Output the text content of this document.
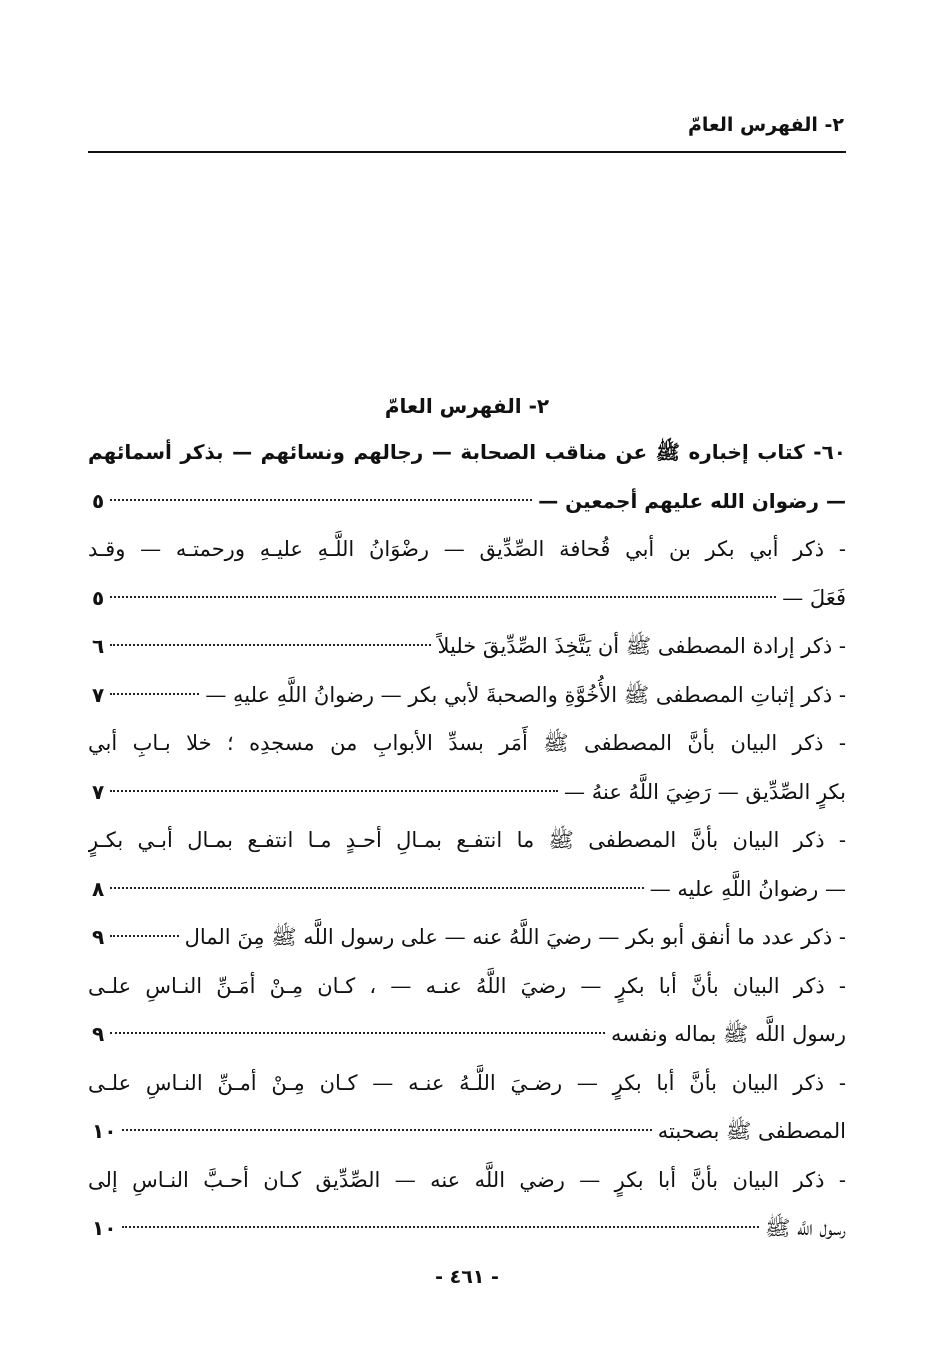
٢- الفهرس العامّ
٢- الفهرس العامّ
٦٠- كتاب إخباره ﷺ عن مناقب الصحابة — رجالهم ونسائهم — بذكر أسمائهم
— رضوان الله عليهم أجمعين —
٥
- ذكر أبي بكر بن أبي قُحافة الصِّدِّيق — رضْوَانُ اللَّـهِ عليـهِ ورحمتـه — وقـد
فَعَلَ —
٥
- ذكر إرادة المصطفى ﷺ أن يَتَّخِذَ الصِّدِّيقَ خليلاً
٦
- ذكر إثباتِ المصطفى ﷺ الأُخُوَّةِ والصحبةَ لأبي بكر — رضوانُ اللَّهِ عليهِ —
٧
- ذكر البيان بأنَّ المصطفى ﷺ أَمَر بسدِّ الأبوابِ من مسجدِه ؛ خلا بـابِ أبي
بكرٍ الصِّدِّيق — رَضِيَ اللَّهُ عنهُ —
٧
- ذكر البيان بأنَّ المصطفى ﷺ ما انتفـع بمـالِ أحـدٍ مـا انتفـع بمـال أبـي بكـرٍ
— رضوانُ اللَّهِ عليه —
٨
- ذكر عدد ما أنفق أبو بكر — رضيَ اللَّهُ عنه — على رسول اللَّه ﷺ مِنَ المال
٩
- ذكر البيان بأنَّ أبا بكرٍ — رضيَ اللَّهُ عنـه — ، كـان مِـنْ أمَـنِّ النـاسِ علـى
رسول اللَّه ﷺ بماله ونفسه
٩
- ذكر البيان بأنَّ أبا بكرٍ — رضـيَ اللَّـهُ عنـه — كـان مِـنْ أمـنِّ النـاسِ علـى
المصطفى ﷺ بصحبته
١٠
- ذكر البيان بأنَّ أبا بكرٍ — رضي اللَّه عنه — الصِّدِّيق كـان أحـبَّ النـاسِ إلى
رسول اللَّه ﷺ
١٠
- ٤٦١ -
